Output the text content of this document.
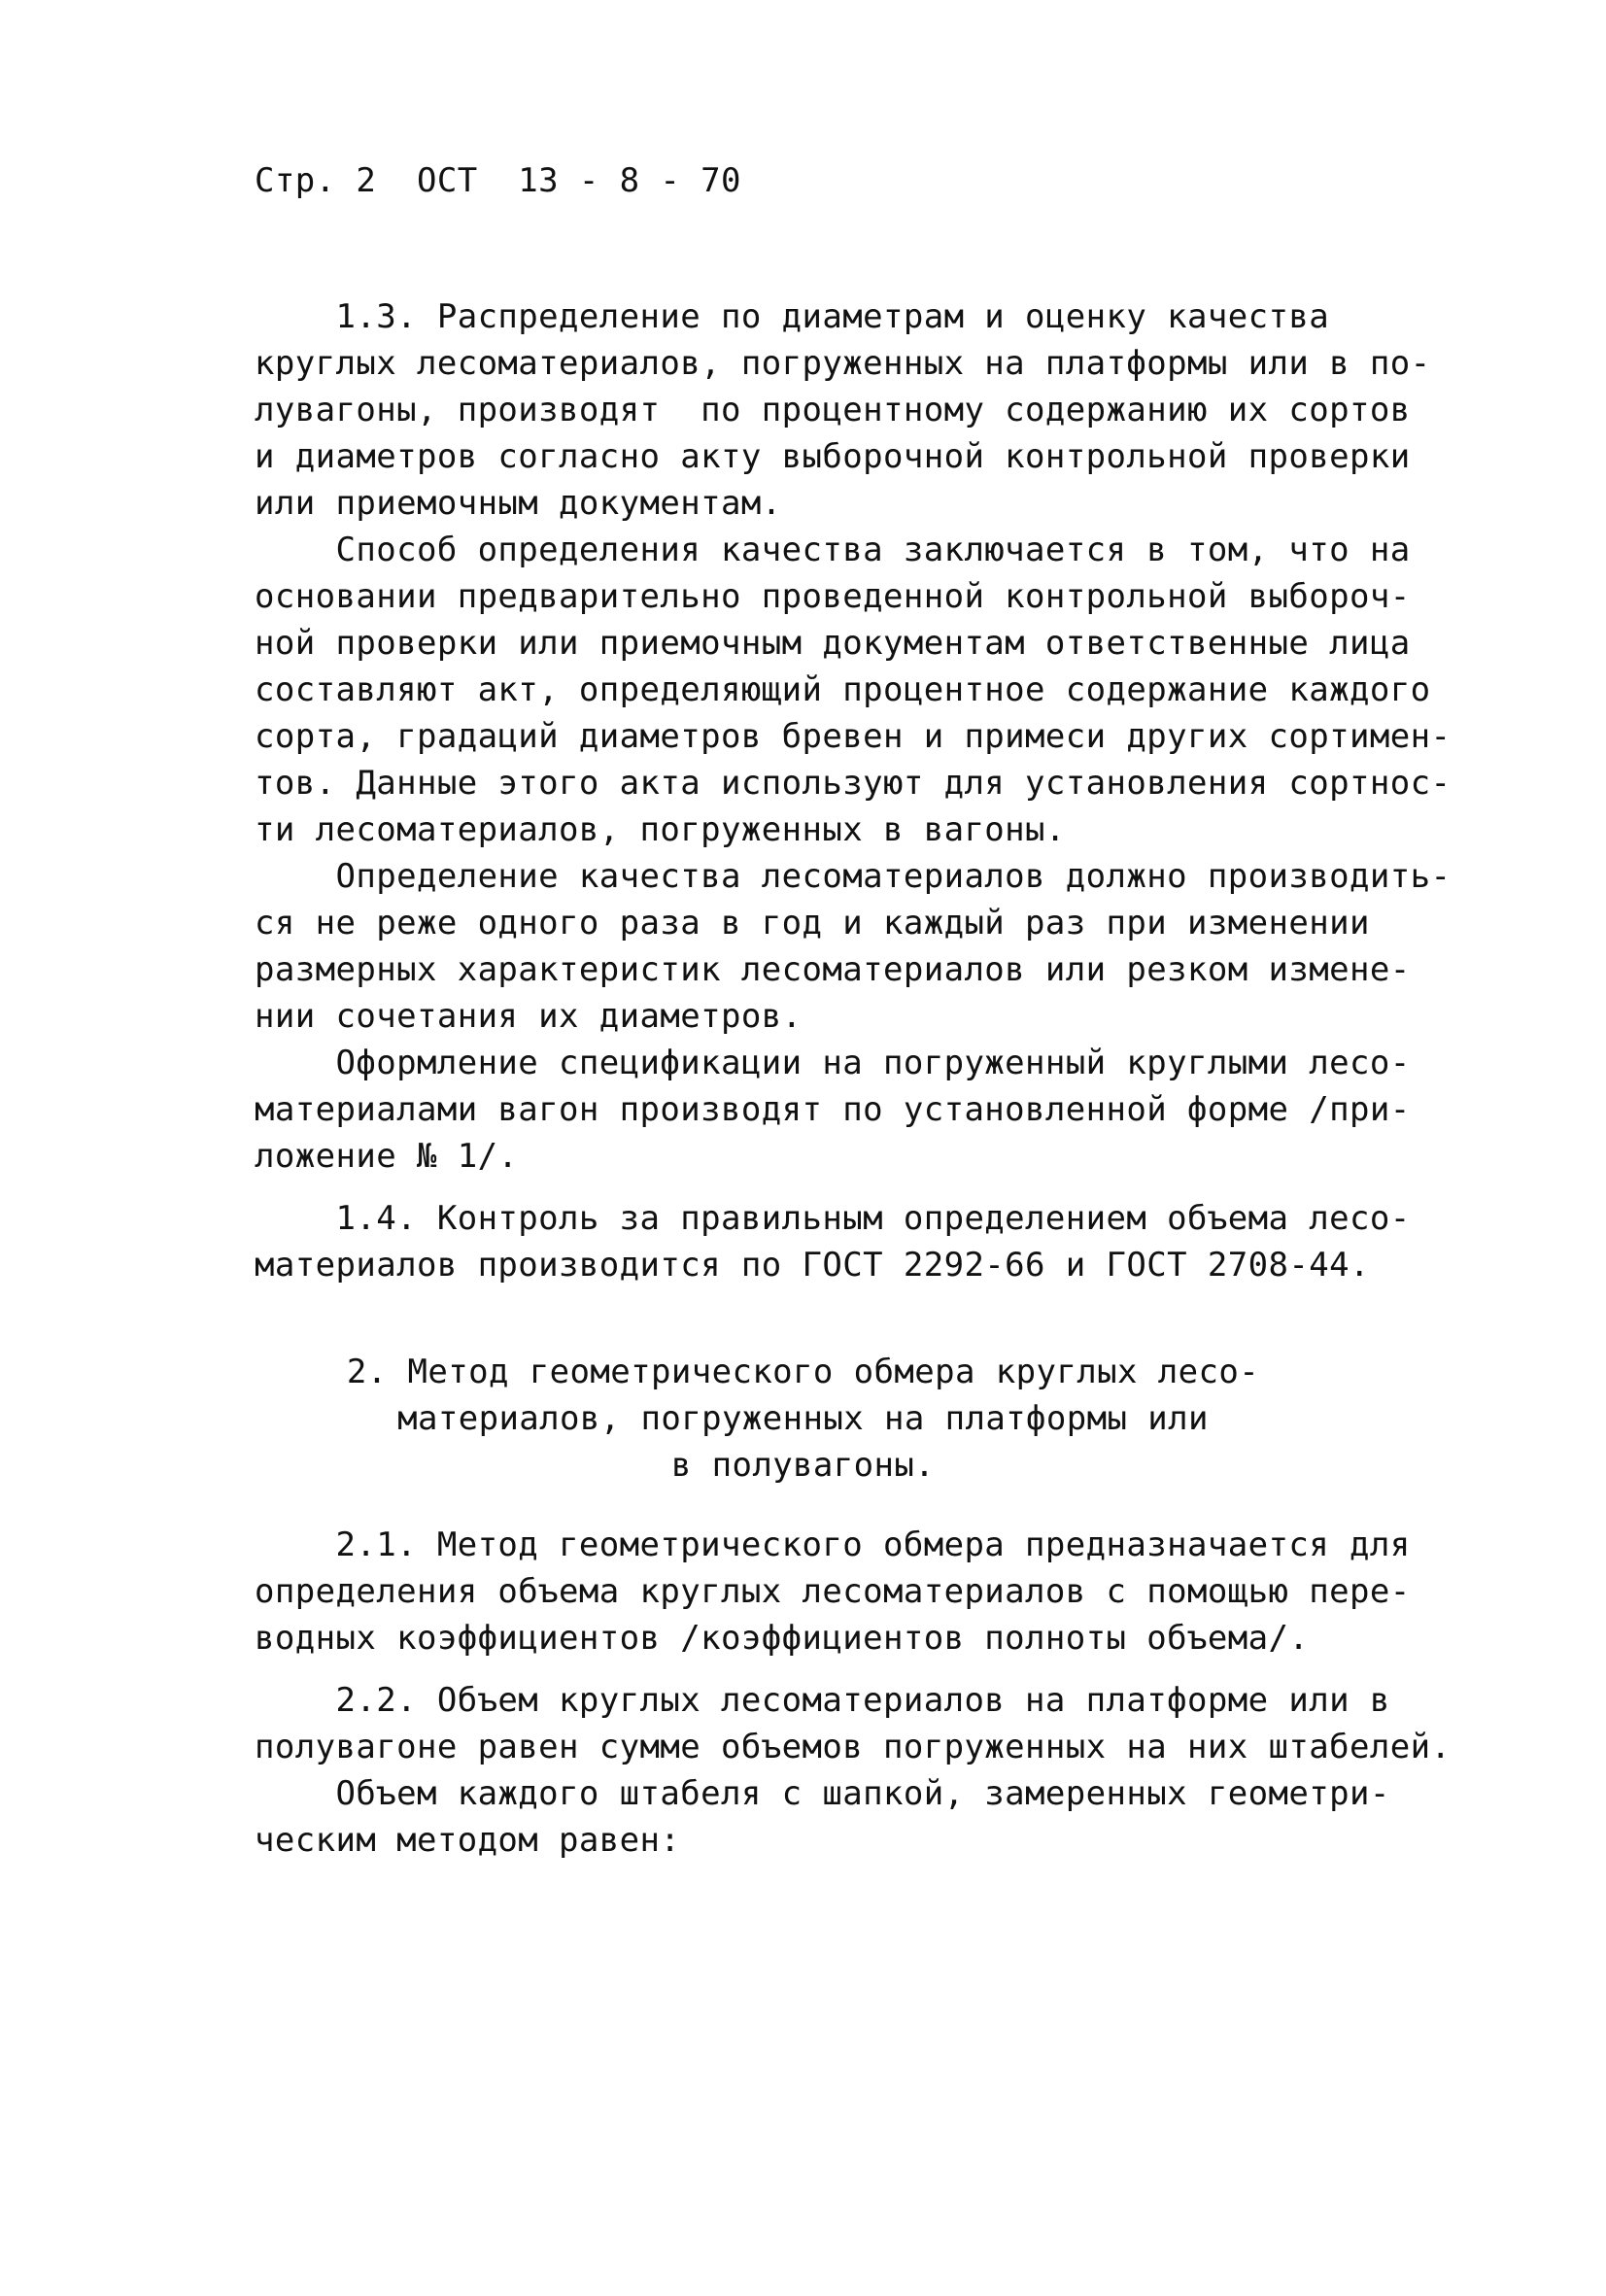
Стр. 2  ОСТ  13 - 8 - 70
1.3. Распределение по диаметрам и оценку качества
круглых лесоматериалов, погруженных на платформы или в по-
лувагоны, производят  по процентному содержанию их сортов
и диаметров согласно акту выборочной контрольной проверки
или приемочным документам.
Способ определения качества заключается в том, что на
основании предварительно проведенной контрольной выбороч-
ной проверки или приемочным документам ответственные лица
составляют акт, определяющий процентное содержание каждого
сорта, градаций диаметров бревен и примеси других сортимен-
тов. Данные этого акта используют для установления сортнос-
ти лесоматериалов, погруженных в вагоны.
Определение качества лесоматериалов должно производить-
ся не реже одного раза в год и каждый раз при изменении
размерных характеристик лесоматериалов или резком измене-
нии сочетания их диаметров.
Оформление спецификации на погруженный круглыми лесо-
материалами вагон производят по установленной форме /при-
ложение № 1/.
1.4. Контроль за правильным определением объема лесо-
материалов производится по ГОСТ 2292-66 и ГОСТ 2708-44.
2. Метод геометрического обмера круглых лесо-
материалов, погруженных на платформы или
в полувагоны.
2.1. Метод геометрического обмера предназначается для
определения объема круглых лесоматериалов с помощью пере-
водных коэффициентов /коэффициентов полноты объема/.
2.2. Объем круглых лесоматериалов на платформе или в
полувагоне равен сумме объемов погруженных на них штабелей.
Объем каждого штабеля с шапкой, замеренных геометри-
ческим методом равен:
